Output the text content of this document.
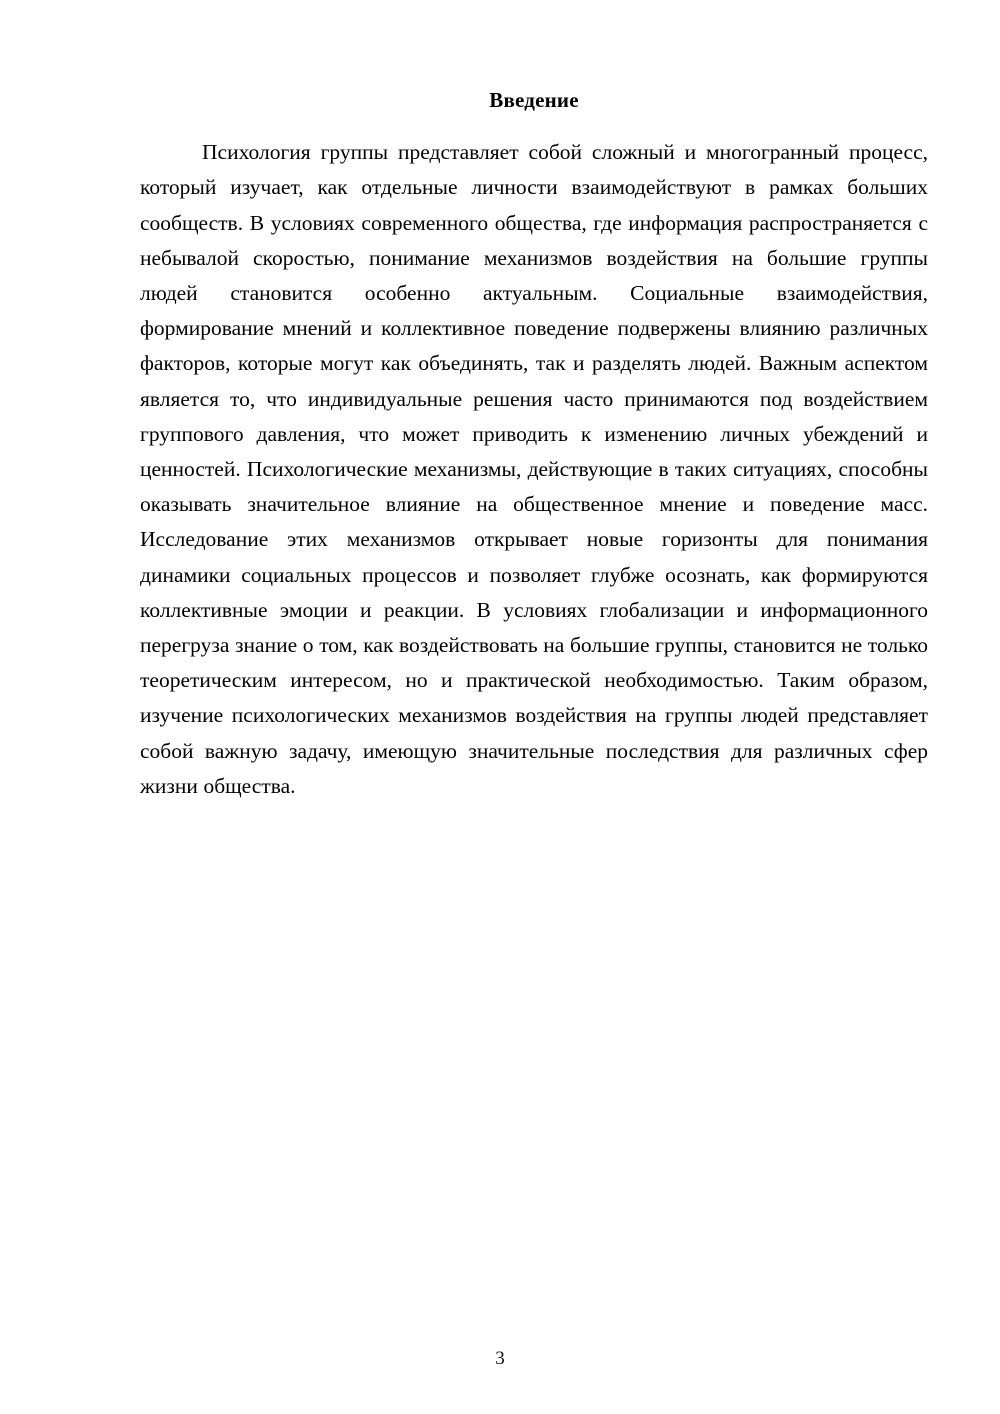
Введение

Психология группы представляет собой сложный и многогранный процесс, который изучает, как отдельные личности взаимодействуют в рамках больших сообществ. В условиях современного общества, где информация распространяется с небывалой скоростью, понимание механизмов воздействия на большие группы людей становится особенно актуальным. Социальные взаимодействия, формирование мнений и коллективное поведение подвержены влиянию различных факторов, которые могут как объединять, так и разделять людей. Важным аспектом является то, что индивидуальные решения часто принимаются под воздействием группового давления, что может приводить к изменению личных убеждений и ценностей. Психологические механизмы, действующие в таких ситуациях, способны оказывать значительное влияние на общественное мнение и поведение масс. Исследование этих механизмов открывает новые горизонты для понимания динамики социальных процессов и позволяет глубже осознать, как формируются коллективные эмоции и реакции. В условиях глобализации и информационного перегруза знание о том, как воздействовать на большие группы, становится не только теоретическим интересом, но и практической необходимостью. Таким образом, изучение психологических механизмов воздействия на группы людей представляет собой важную задачу, имеющую значительные последствия для различных сфер жизни общества.

3
